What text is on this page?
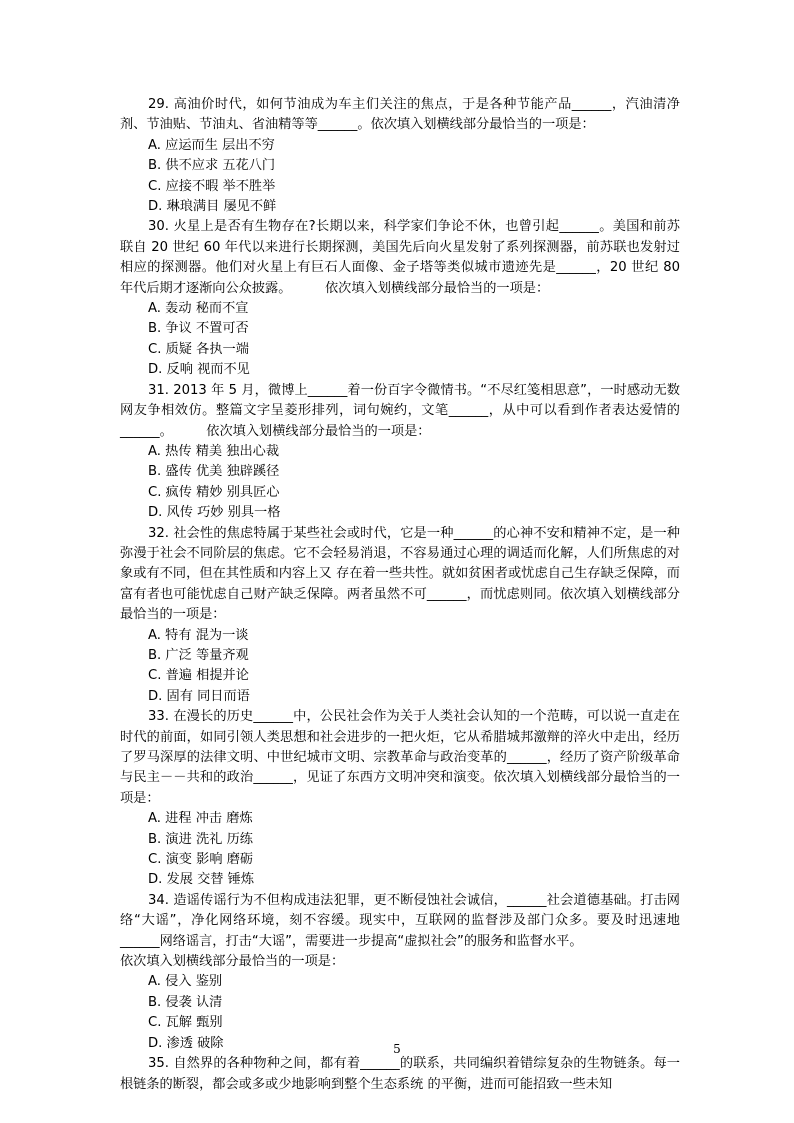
29. 高油价时代，如何节油成为车主们关注的焦点，于是各种节能产品______，汽油清净剂、节油贴、节油丸、省油精等等______。依次填入划横线部分最恰当的一项是：

A. 应运而生 层出不穷

B. 供不应求 五花八门

C. 应接不暇 举不胜举

D. 琳琅满目 屡见不鲜

30. 火星上是否有生物存在?长期以来，科学家们争论不休，也曾引起______。美国和前苏联自 20 世纪 60 年代以来进行长期探测，美国先后向火星发射了系列探测器，前苏联也发射过相应的探测器。他们对火星上有巨石人面像、金子塔等类似城市遗迹先是______，20 世纪 80 年代后期才逐渐向公众披露。        依次填入划横线部分最恰当的一项是：

A. 轰动 秘而不宣

B. 争议 不置可否

C. 质疑 各执一端

D. 反响 视而不见

31. 2013 年 5 月，微博上______着一份百字令微情书。“不尽红笺相思意”，一时感动无数网友争相效仿。整篇文字呈菱形排列，词句婉约，文笔______，从中可以看到作者表达爱情的______。        依次填入划横线部分最恰当的一项是：

A. 热传 精美 独出心裁

B. 盛传 优美 独辟蹊径

C. 疯传 精妙 别具匠心

D. 风传 巧妙 别具一格

32. 社会性的焦虑特属于某些社会或时代，它是一种______的心神不安和精神不定，是一种弥漫于社会不同阶层的焦虑。它不会轻易消退，不容易通过心理的调适而化解，人们所焦虑的对象或有不同，但在其性质和内容上又 存在着一些共性。就如贫困者或忧虑自己生存缺乏保障，而富有者也可能忧虑自己财产缺乏保障。两者虽然不可______，而忧虑则同。依次填入划横线部分最恰当的一项是：

A. 特有 混为一谈

B. 广泛 等量齐观

C. 普遍 相提并论

D. 固有 同日而语

33. 在漫长的历史______中，公民社会作为关于人类社会认知的一个范畴，可以说一直走在时代的前面，如同引领人类思想和社会进步的一把火炬，它从希腊城邦激辩的淬火中走出，经历了罗马深厚的法律文明、中世纪城市文明、宗教革命与政治变革的______，经历了资产阶级革命与民主－－共和的政治______，见证了东西方文明冲突和演变。依次填入划横线部分最恰当的一项是：

A. 进程 冲击 磨炼

B. 演进 洗礼 历练

C. 演变 影响 磨砺

D. 发展 交替 锤炼

34. 造谣传谣行为不但构成违法犯罪，更不断侵蚀社会诚信，______社会道德基础。打击网络“大谣”，净化网络环境，刻不容缓。现实中，互联网的监督涉及部门众多。要及时迅速地______网络谣言，打击“大谣”，需要进一步提高“虚拟社会”的服务和监督水平。
依次填入划横线部分最恰当的一项是：

A. 侵入 鉴别

B. 侵袭 认清

C. 瓦解 甄别

D. 渗透 破除

35. 自然界的各种物种之间，都有着______的联系，共同编织着错综复杂的生物链条。每一根链条的断裂，都会或多或少地影响到整个生态系统 的平衡，进而可能招致一些未知

5
